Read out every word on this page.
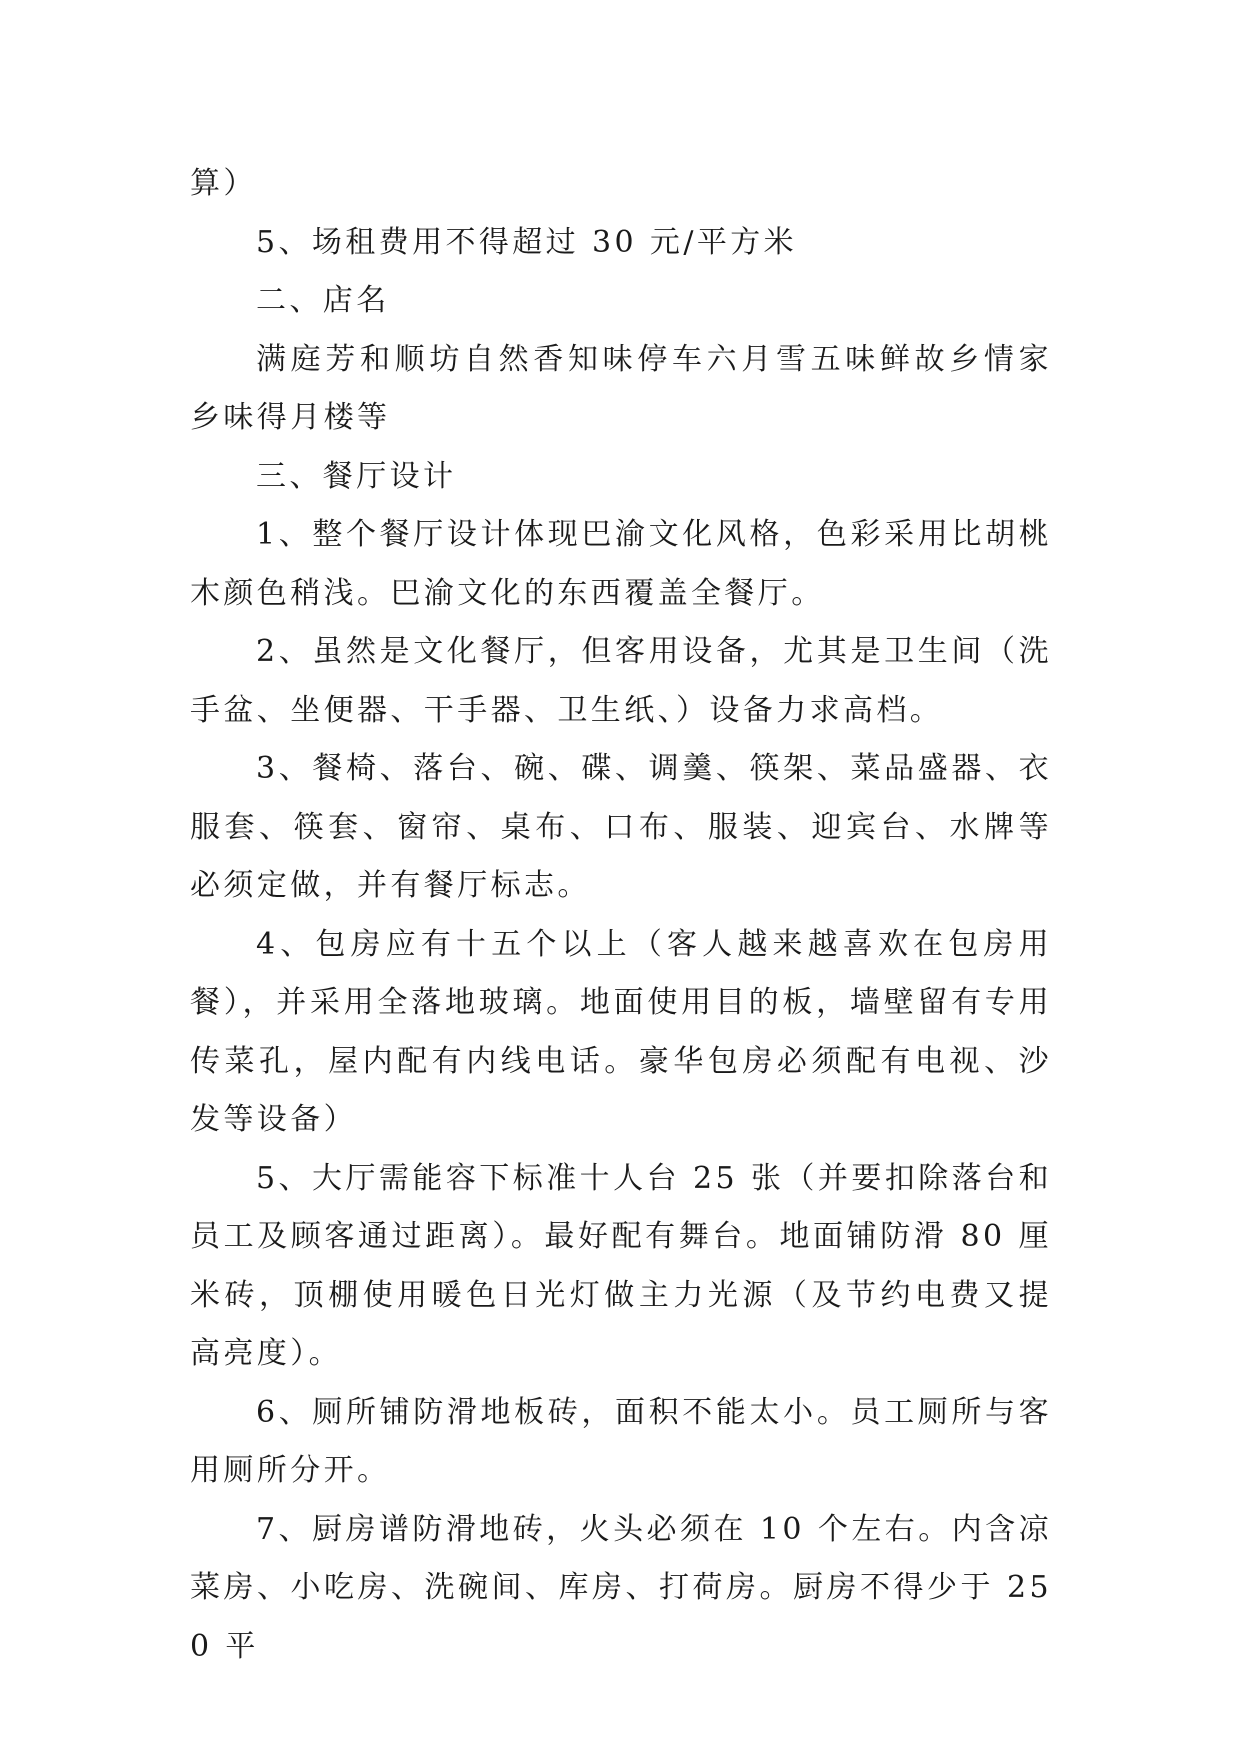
算）

5、场租费用不得超过 30 元/平方米

二、店名

满庭芳和顺坊自然香知味停车六月雪五味鲜故乡情家乡味得月楼等

三、餐厅设计

1、整个餐厅设计体现巴渝文化风格，色彩采用比胡桃木颜色稍浅。巴渝文化的东西覆盖全餐厅。

2、虽然是文化餐厅，但客用设备，尤其是卫生间（洗手盆、坐便器、干手器、卫生纸、）设备力求高档。

3、餐椅、落台、碗、碟、调羹、筷架、菜品盛器、衣服套、筷套、窗帘、桌布、口布、服装、迎宾台、水牌等必须定做，并有餐厅标志。

4、包房应有十五个以上（客人越来越喜欢在包房用餐），并采用全落地玻璃。地面使用目的板，墙壁留有专用传菜孔，屋内配有内线电话。豪华包房必须配有电视、沙发等设备）

5、大厅需能容下标准十人台 25 张（并要扣除落台和员工及顾客通过距离）。最好配有舞台。地面铺防滑 80 厘米砖，顶棚使用暖色日光灯做主力光源（及节约电费又提高亮度）。

6、厕所铺防滑地板砖，面积不能太小。员工厕所与客用厕所分开。

7、厨房谱防滑地砖，火头必须在 10 个左右。内含凉菜房、小吃房、洗碗间、库房、打荷房。厨房不得少于 250 平
